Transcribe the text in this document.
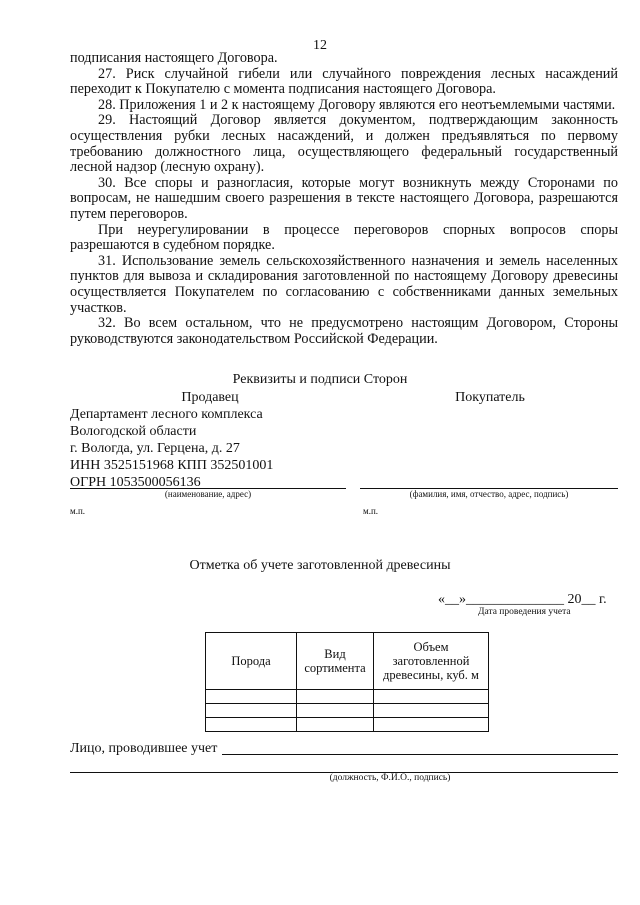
12

подписания настоящего Договора.

27. Риск случайной гибели или случайного повреждения лесных насаждений переходит к Покупателю с момента подписания настоящего Договора.

28. Приложения 1 и 2 к настоящему Договору являются его неотъемлемыми частями.

29. Настоящий Договор является документом, подтверждающим законность осуществления рубки лесных насаждений, и должен предъявляться по первому требованию должностного лица, осуществляющего федеральный государственный лесной надзор (лесную охрану).

30. Все споры и разногласия, которые могут возникнуть между Сторонами по вопросам, не нашедшим своего разрешения в тексте настоящего Договора, разрешаются путем переговоров.

При неурегулировании в процессе переговоров спорных вопросов споры разрешаются в судебном порядке.

31. Использование земель сельскохозяйственного назначения и земель населенных пунктов для вывоза и складирования заготовленной по настоящему Договору древесины осуществляется Покупателем по согласованию с собственниками данных земельных участков.

32. Во всем остальном, что не предусмотрено настоящим Договором, Стороны руководствуются законодательством Российской Федерации.

Реквизиты и подписи Сторон
Продавец	Покупатель
Департамент лесного комплекса
Вологодской области
г. Вологда, ул. Герцена, д. 27
ИНН 3525151968 КПП 352501001
ОГРН 1053500056136
(наименование, адрес)	(фамилия, имя, отчество, адрес, подпись)
м.п.	м.п.
Отметка об учете заготовленной древесины
«__»______________ 20__ г.
Дата проведения учета
Порода	Вид сортимента	Объем заготовленной древесины, куб. м

Лицо, проводившее учет
(должность, Ф.И.О., подпись)
